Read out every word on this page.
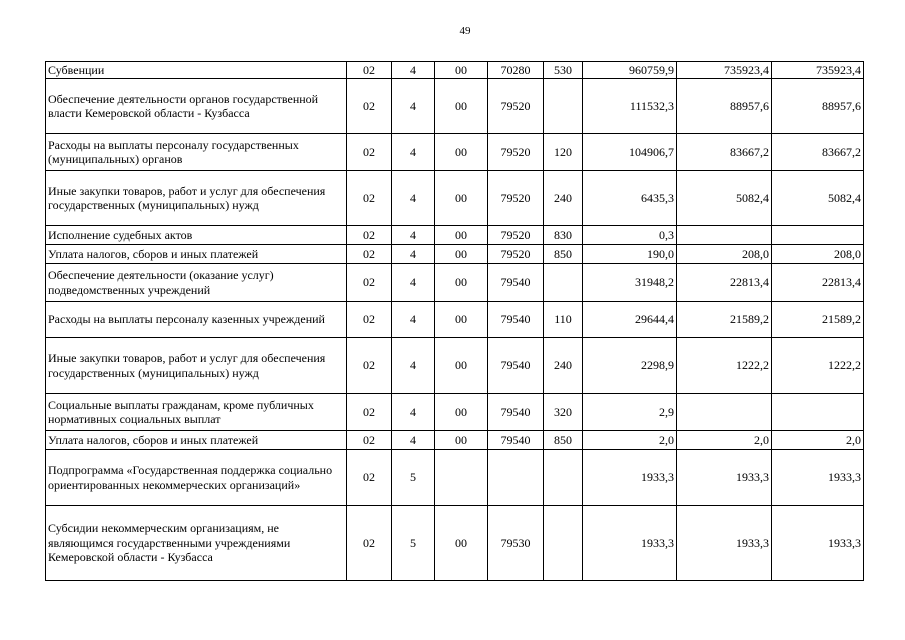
49
Субвенции	02	4	00	70280	530	960759,9	735923,4	735923,4
Обеспечение деятельности органов государственной власти Кемеровской области - Кузбасса	02	4	00	79520		111532,3	88957,6	88957,6
Расходы на выплаты персоналу государственных (муниципальных) органов	02	4	00	79520	120	104906,7	83667,2	83667,2
Иные закупки товаров, работ и услуг для обеспечения государственных (муниципальных) нужд	02	4	00	79520	240	6435,3	5082,4	5082,4
Исполнение судебных актов	02	4	00	79520	830	0,3		
Уплата налогов, сборов и иных платежей	02	4	00	79520	850	190,0	208,0	208,0
Обеспечение деятельности (оказание услуг) подведомственных учреждений	02	4	00	79540		31948,2	22813,4	22813,4
Расходы на выплаты персоналу казенных учреждений	02	4	00	79540	110	29644,4	21589,2	21589,2
Иные закупки товаров, работ и услуг для обеспечения государственных (муниципальных) нужд	02	4	00	79540	240	2298,9	1222,2	1222,2
Социальные выплаты гражданам, кроме публичных нормативных социальных выплат	02	4	00	79540	320	2,9		
Уплата налогов, сборов и иных платежей	02	4	00	79540	850	2,0	2,0	2,0
Подпрограмма «Государственная поддержка социально ориентированных некоммерческих организаций»	02	5				1933,3	1933,3	1933,3
Субсидии некоммерческим организациям, не являющимся государственными учреждениями Кемеровской области - Кузбасса	02	5	00	79530		1933,3	1933,3	1933,3
